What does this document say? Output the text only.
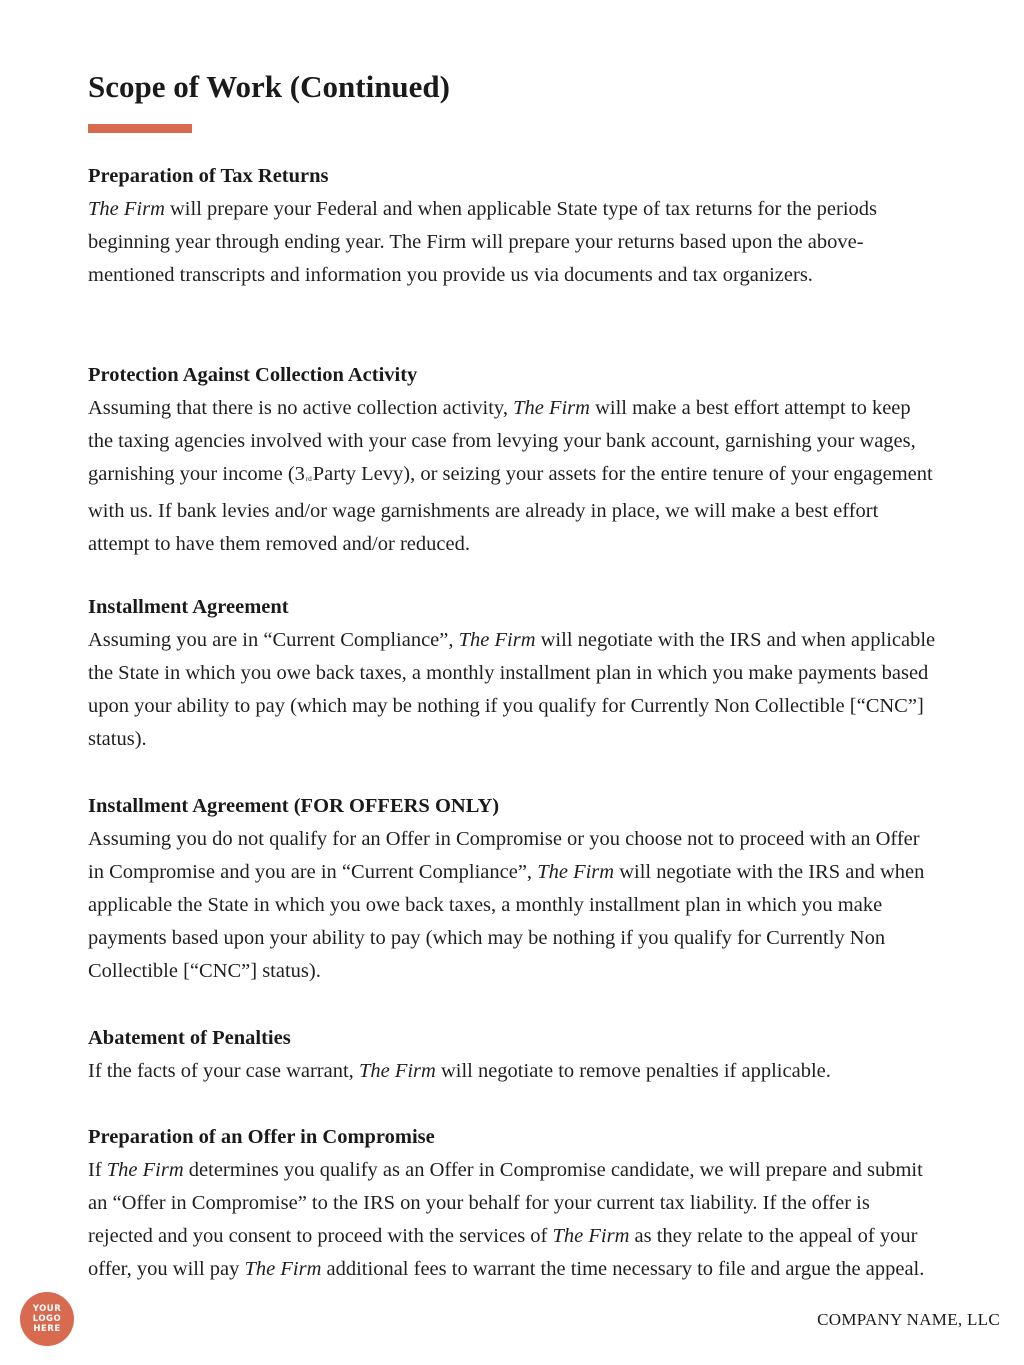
Scope of Work (Continued)
Preparation of Tax Returns

The Firm will prepare your Federal and when applicable State type of tax returns for the periods beginning year through ending year. The Firm will prepare your returns based upon the above-mentioned transcripts and information you provide us via documents and tax organizers.

Protection Against Collection Activity

Assuming that there is no active collection activity, The Firm will make a best effort attempt to keep the taxing agencies involved with your case from levying your bank account, garnishing your wages, garnishing your income (3rdParty Levy), or seizing your assets for the entire tenure of your engagement with us. If bank levies and/or wage garnishments are already in place, we will make a best effort attempt to have them removed and/or reduced.

Installment Agreement

Assuming you are in “Current Compliance”, The Firm will negotiate with the IRS and when applicable the State in which you owe back taxes, a monthly installment plan in which you make payments based upon your ability to pay (which may be nothing if you qualify for Currently Non Collectible [“CNC”] status).

Installment Agreement (FOR OFFERS ONLY)

Assuming you do not qualify for an Offer in Compromise or you choose not to proceed with an Offer in Compromise and you are in “Current Compliance”, The Firm will negotiate with the IRS and when applicable the State in which you owe back taxes, a monthly installment plan in which you make payments based upon your ability to pay (which may be nothing if you qualify for Currently Non Collectible [“CNC”] status).

Abatement of Penalties

If the facts of your case warrant, The Firm will negotiate to remove penalties if applicable.

Preparation of an Offer in Compromise

If The Firm determines you qualify as an Offer in Compromise candidate, we will prepare and submit an “Offer in Compromise” to the IRS on your behalf for your current tax liability. If the offer is rejected and you consent to proceed with the services of The Firm as they relate to the appeal of your offer, you will pay The Firm additional fees to warrant the time necessary to file and argue the appeal.

YOUR
LOGO
HERE	COMPANY NAME, LLC
